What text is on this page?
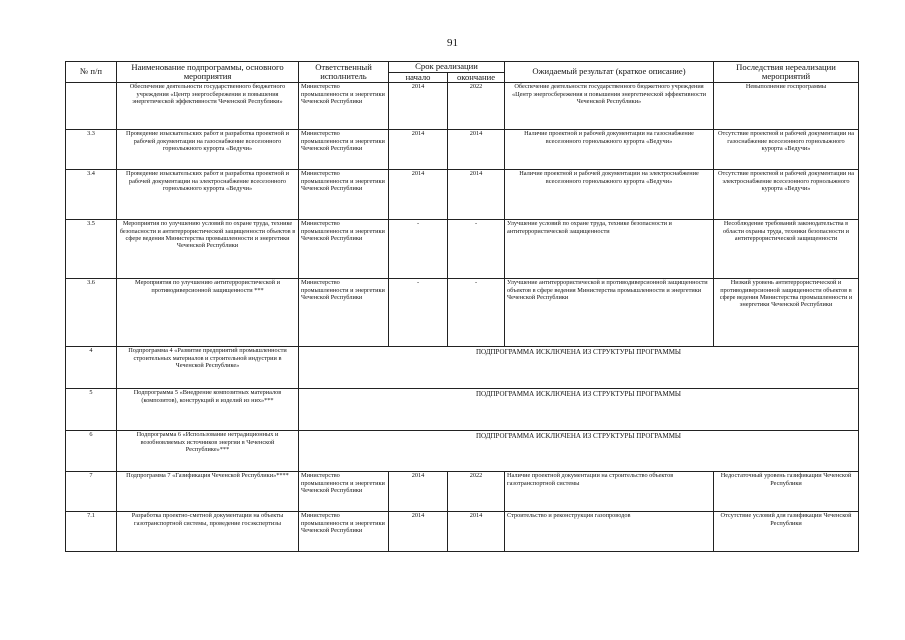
91
№ п/п	Наименование подпрограммы, основного мероприятия	Ответственный исполнитель	Срок реализации		Ожидаемый результат (краткое описание)	Последствия нереализации мероприятий
			начало	окончание		
	Обеспечение деятельности государственного бюджетного учреждения «Центр энергосбережения и повышения энергетической эффективности Чеченской Республики»	Министерство промышленности и энергетики Чеченской Республики	2014	2022	Обеспечение деятельности государственного бюджетного учреждения «Центр энергосбережения и повышения энергетической эффективности Чеченской Республики»	Невыполнение госпрограммы
3.3	Проведение изыскательских работ и разработка проектной и рабочей документации на газоснабжение всесезонного горнолыжного курорта «Ведучи»	Министерство промышленности и энергетики Чеченской Республики	2014	2014	Наличие проектной и рабочей документации на газоснабжение всесезонного горнолыжного курорта «Ведучи»	Отсутствие проектной и рабочей документации на газоснабжение всесезонного горнолыжного курорта «Ведучи»
3.4	Проведение изыскательских работ и разработка проектной и рабочей документации на электроснабжение всесезонного горнолыжного курорта «Ведучи»	Министерство промышленности и энергетики Чеченской Республики	2014	2014	Наличие проектной и рабочей документации на электроснабжение всесезонного горнолыжного курорта «Ведучи»	Отсутствие проектной и рабочей документации на электроснабжение всесезонного горнолыжного курорта «Ведучи»
3.5	Мероприятия по улучшению условий по охране труда, технике безопасности и антитеррористической защищенности объектов в сфере ведения Министерства промышленности и энергетики Чеченской Республики	Министерство промышленности и энергетики Чеченской Республики	-	-	Улучшение условий по охране труда, технике безопасности и антитеррористической защищенности	Несоблюдение требований законодательства в области охраны труда, техники безопасности и антитеррористической защищенности
3.6	Мероприятия по улучшению антитеррористической и противодиверсионной защищенности ***	Министерство промышленности и энергетики Чеченской Республики	-	-	Улучшение антитеррористической и противодиверсионной защищенности объектов в сфере ведения Министерства промышленности и энергетики Чеченской Республики	Низкий уровень антитеррористической и противодиверсионной защищенности объектов в сфере ведения Министерства промышленности и энергетики Чеченской Республики
4	Подпрограмма 4 «Развитие предприятий промышленности строительных материалов и строительной индустрии в Чеченской Республике»	ПОДПРОГРАММА ИСКЛЮЧЕНА ИЗ СТРУКТУРЫ ПРОГРАММЫ				
5	Подпрограмма 5 «Внедрение композитных материалов (композитов), конструкций и изделий из них»***	ПОДПРОГРАММА ИСКЛЮЧЕНА ИЗ СТРУКТУРЫ ПРОГРАММЫ				
6	Подпрограмма 6 «Использование нетрадиционных и возобновляемых источников энергии в Чеченской Республике»***	ПОДПРОГРАММА ИСКЛЮЧЕНА ИЗ СТРУКТУРЫ ПРОГРАММЫ				
7	Подпрограмма 7 «Газификация Чеченской Республики»****	Министерство промышленности и энергетики Чеченской Республики	2014	2022	Наличие проектной документации на строительство объектов газотранспортной системы	Недостаточный уровень газификации Чеченской Республики
7.1	Разработка проектно-сметной документации на объекты газотранспортной системы, проведение госэкспертизы	Министерство промышленности и энергетики Чеченской Республики	2014	2014	Строительство и реконструкция газопроводов	Отсутствие условий для газификации Чеченской Республики
